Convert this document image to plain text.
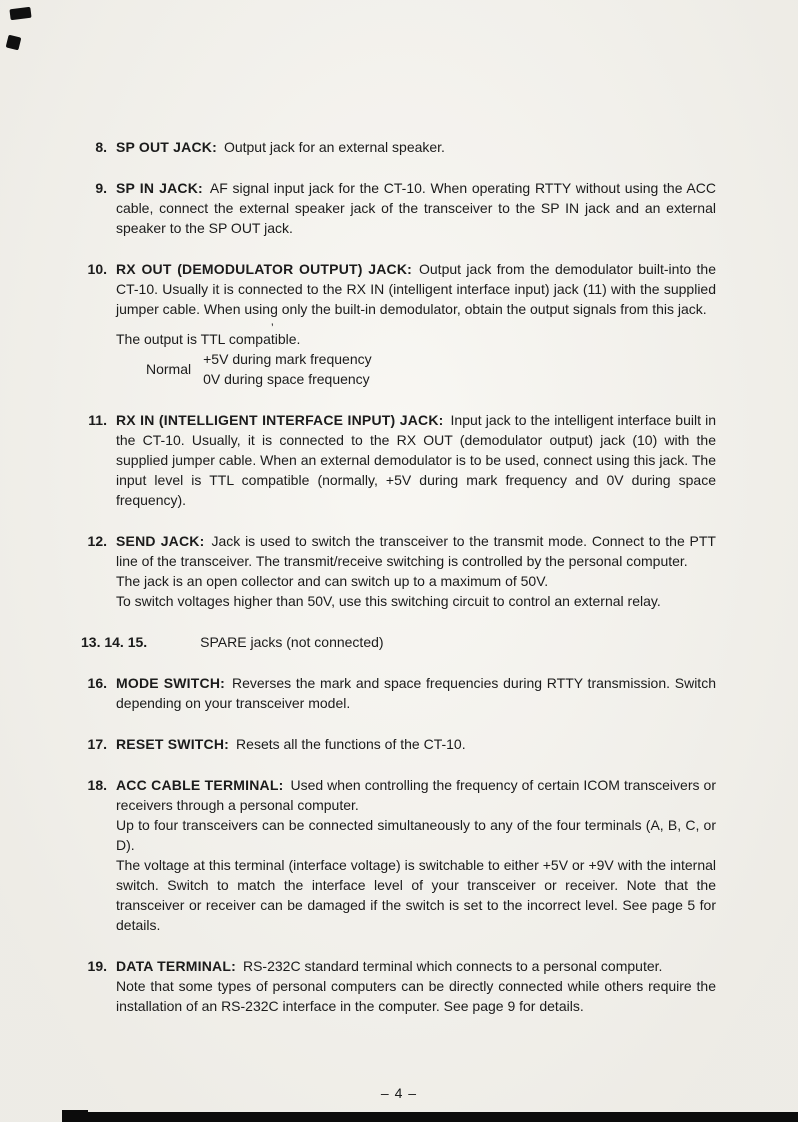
8. SP OUT JACK: Output jack for an external speaker.

9. SP IN JACK: AF signal input jack for the CT-10. When operating RTTY without using the ACC cable, connect the external speaker jack of the transceiver to the SP IN jack and an external speaker to the SP OUT jack.

10. RX OUT (DEMODULATOR OUTPUT) JACK: Output jack from the demodulator built-into the CT-10. Usually it is connected to the RX IN (intelligent interface input) jack (11) with the supplied jumper cable. When using only the built-in demodulator, obtain the output signals from this jack.

’

The output is TTL compatible.

Normal
+5V during mark frequency
0V during space frequency
11. RX IN (INTELLIGENT INTERFACE INPUT) JACK: Input jack to the intelligent interface built in the CT-10. Usually, it is connected to the RX OUT (demodulator output) jack (10) with the supplied jumper cable. When an external demodulator is to be used, connect using this jack. The input level is TTL compatible (normally, +5V during mark frequency and 0V during space frequency).

12. SEND JACK: Jack is used to switch the transceiver to the transmit mode. Connect to the PTT line of the transceiver. The transmit/receive switching is controlled by the personal computer.

The jack is an open collector and can switch up to a maximum of 50V.

To switch voltages higher than 50V, use this switching circuit to control an external relay.

13. 14. 15.	SPARE jacks (not connected)

16. MODE SWITCH: Reverses the mark and space frequencies during RTTY transmission. Switch depending on your transceiver model.

17. RESET SWITCH: Resets all the functions of the CT-10.

18. ACC CABLE TERMINAL: Used when controlling the frequency of certain ICOM transceivers or receivers through a personal computer.

Up to four transceivers can be connected simultaneously to any of the four terminals (A, B, C, or D).

The voltage at this terminal (interface voltage) is switchable to either +5V or +9V with the internal switch. Switch to match the interface level of your transceiver or receiver. Note that the transceiver or receiver can be damaged if the switch is set to the incorrect level. See page 5 for details.

19. DATA TERMINAL: RS-232C standard terminal which connects to a personal computer.

Note that some types of personal computers can be directly connected while others require the installation of an RS-232C interface in the computer. See page 9 for details.

– 4 –
